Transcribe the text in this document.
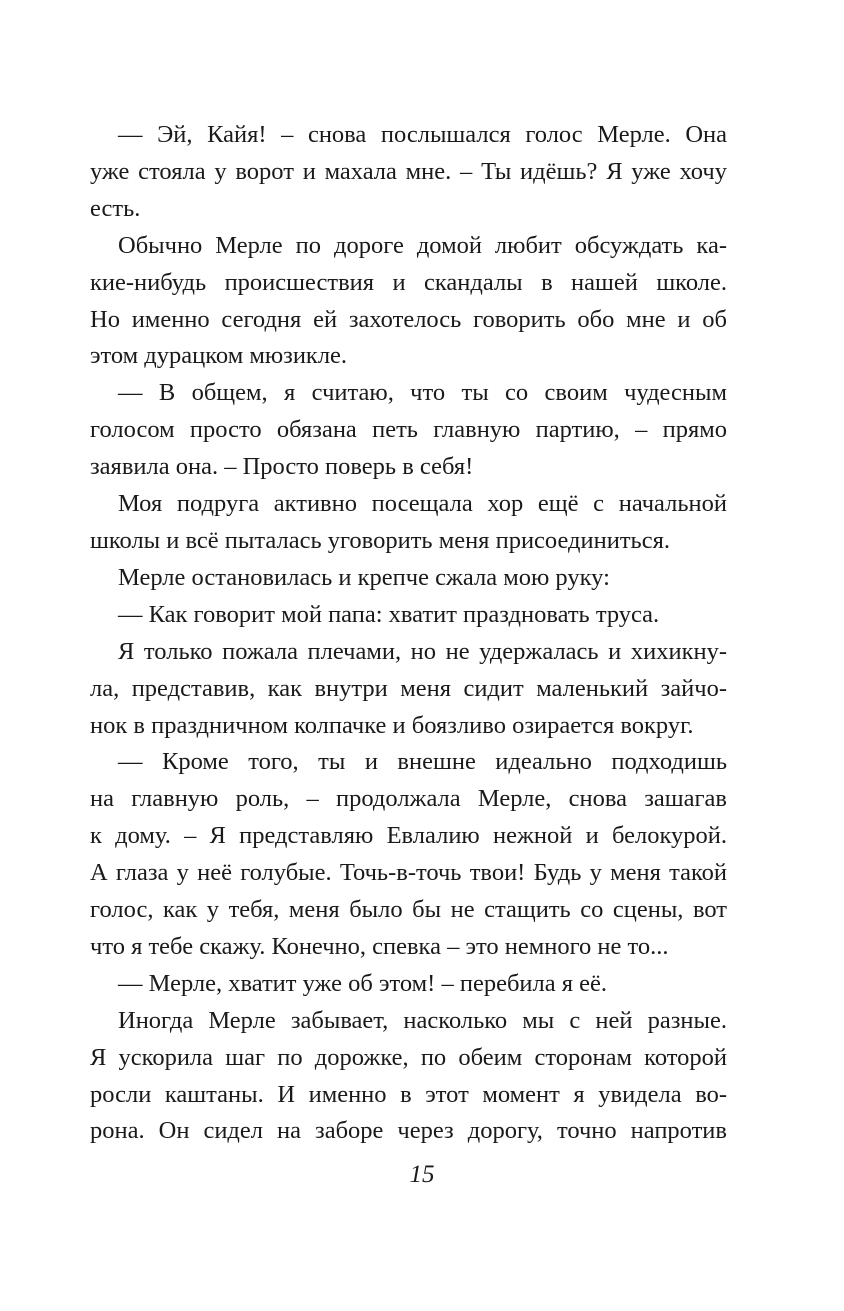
— Эй, Кайя! – снова послышался голос Мерле. Она
уже стояла у ворот и махала мне. – Ты идёшь? Я уже хочу
есть.
Обычно Мерле по дороге домой любит обсуждать ка-
кие-нибудь происшествия и скандалы в нашей школе.
Но именно сегодня ей захотелось говорить обо мне и об
этом дурацком мюзикле.
— В общем, я считаю, что ты со своим чудесным
голосом просто обязана петь главную партию, – прямо
заявила она. – Просто поверь в себя!
Моя подруга активно посещала хор ещё с начальной
школы и всё пыталась уговорить меня присоединиться.
Мерле остановилась и крепче сжала мою руку:
— Как говорит мой папа: хватит праздновать труса.
Я только пожала плечами, но не удержалась и хихикну-
ла, представив, как внутри меня сидит маленький зайчо-
нок в праздничном колпачке и боязливо озирается вокруг.
— Кроме того, ты и внешне идеально подходишь
на главную роль, – продолжала Мерле, снова зашагав
к дому. – Я представляю Евлалию нежной и белокурой.
А глаза у неё голубые. Точь-в-точь твои! Будь у меня такой
голос, как у тебя, меня было бы не стащить со сцены, вот
что я тебе скажу. Конечно, спевка – это немного не то...
— Мерле, хватит уже об этом! – перебила я её.
Иногда Мерле забывает, насколько мы с ней разные.
Я ускорила шаг по дорожке, по обеим сторонам которой
росли каштаны. И именно в этот момент я увидела во-
рона. Он сидел на заборе через дорогу, точно напротив
15
